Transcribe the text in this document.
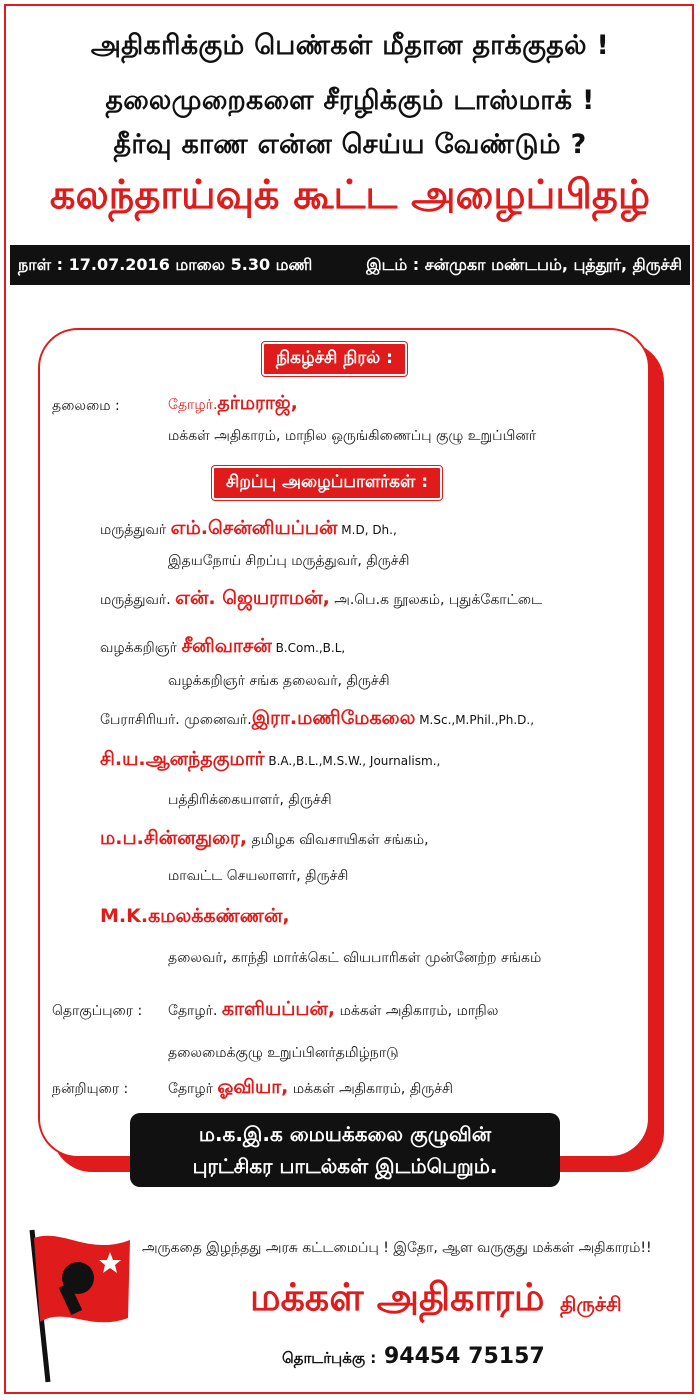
அதிகரிக்கும் பெண்கள் மீதான தாக்குதல் !
தலைமுறைகளை சீரழிக்கும் டாஸ்மாக் !
தீர்வு காண என்ன செய்ய வேண்டும் ?
கலந்தாய்வுக் கூட்ட அழைப்பிதழ்
நாள் : 17.07.2016 மாலை 5.30 மணி	இடம் : சன்முகா மண்டபம், புத்தூர், திருச்சி
நிகழ்ச்சி நிரல் :
தலைமை :	தோழர்.தர்மராஜ்,
மக்கள் அதிகாரம், மாநில ஒருங்கிணைப்பு குழு உறுப்பினர்
சிறப்பு அழைப்பாளர்கள் :
மருத்துவர் எம்.சென்னியப்பன் M.D, Dh.,
இதயநோய் சிறப்பு மருத்துவர், திருச்சி
மருத்துவர். என். ஜெயராமன், அ.பெ.க நூலகம், புதுக்கோட்டை
வழக்கறிஞர் சீனிவாசன் B.Com.,B.L,
வழக்கறிஞர் சங்க தலைவர், திருச்சி
பேராசிரியர். முனைவர்.இரா.மணிமேகலை M.Sc.,M.Phil.,Ph.D.,
சி.ய.ஆனந்தகுமார் B.A.,B.L.,M.S.W., Journalism.,
பத்திரிக்கையாளர், திருச்சி
ம.ப.சின்னதுரை, தமிழக விவசாயிகள் சங்கம்,
மாவட்ட செயலாளர், திருச்சி
M.K.கமலக்கண்ணன்,
தலைவர், காந்தி மார்க்கெட் வியபாரிகள் முன்னேற்ற சங்கம்
தொகுப்புரை : தோழர். காளியப்பன், மக்கள் அதிகாரம், மாநில
தலைமைக்குழு உறுப்பினர்தமிழ்நாடு
நன்றியுரை :	தோழர் ஓவியா, மக்கள் அதிகாரம், திருச்சி
ம.க.இ.க மையக்கலை குழுவின்
புரட்சிகர பாடல்கள் இடம்பெறும்.
அருகதை இழந்தது அரசு கட்டமைப்பு ! இதோ, ஆள வருகுது மக்கள் அதிகாரம்!!
மக்கள் அதிகாரம் திருச்சி
தொடர்புக்கு : 94454 75157
